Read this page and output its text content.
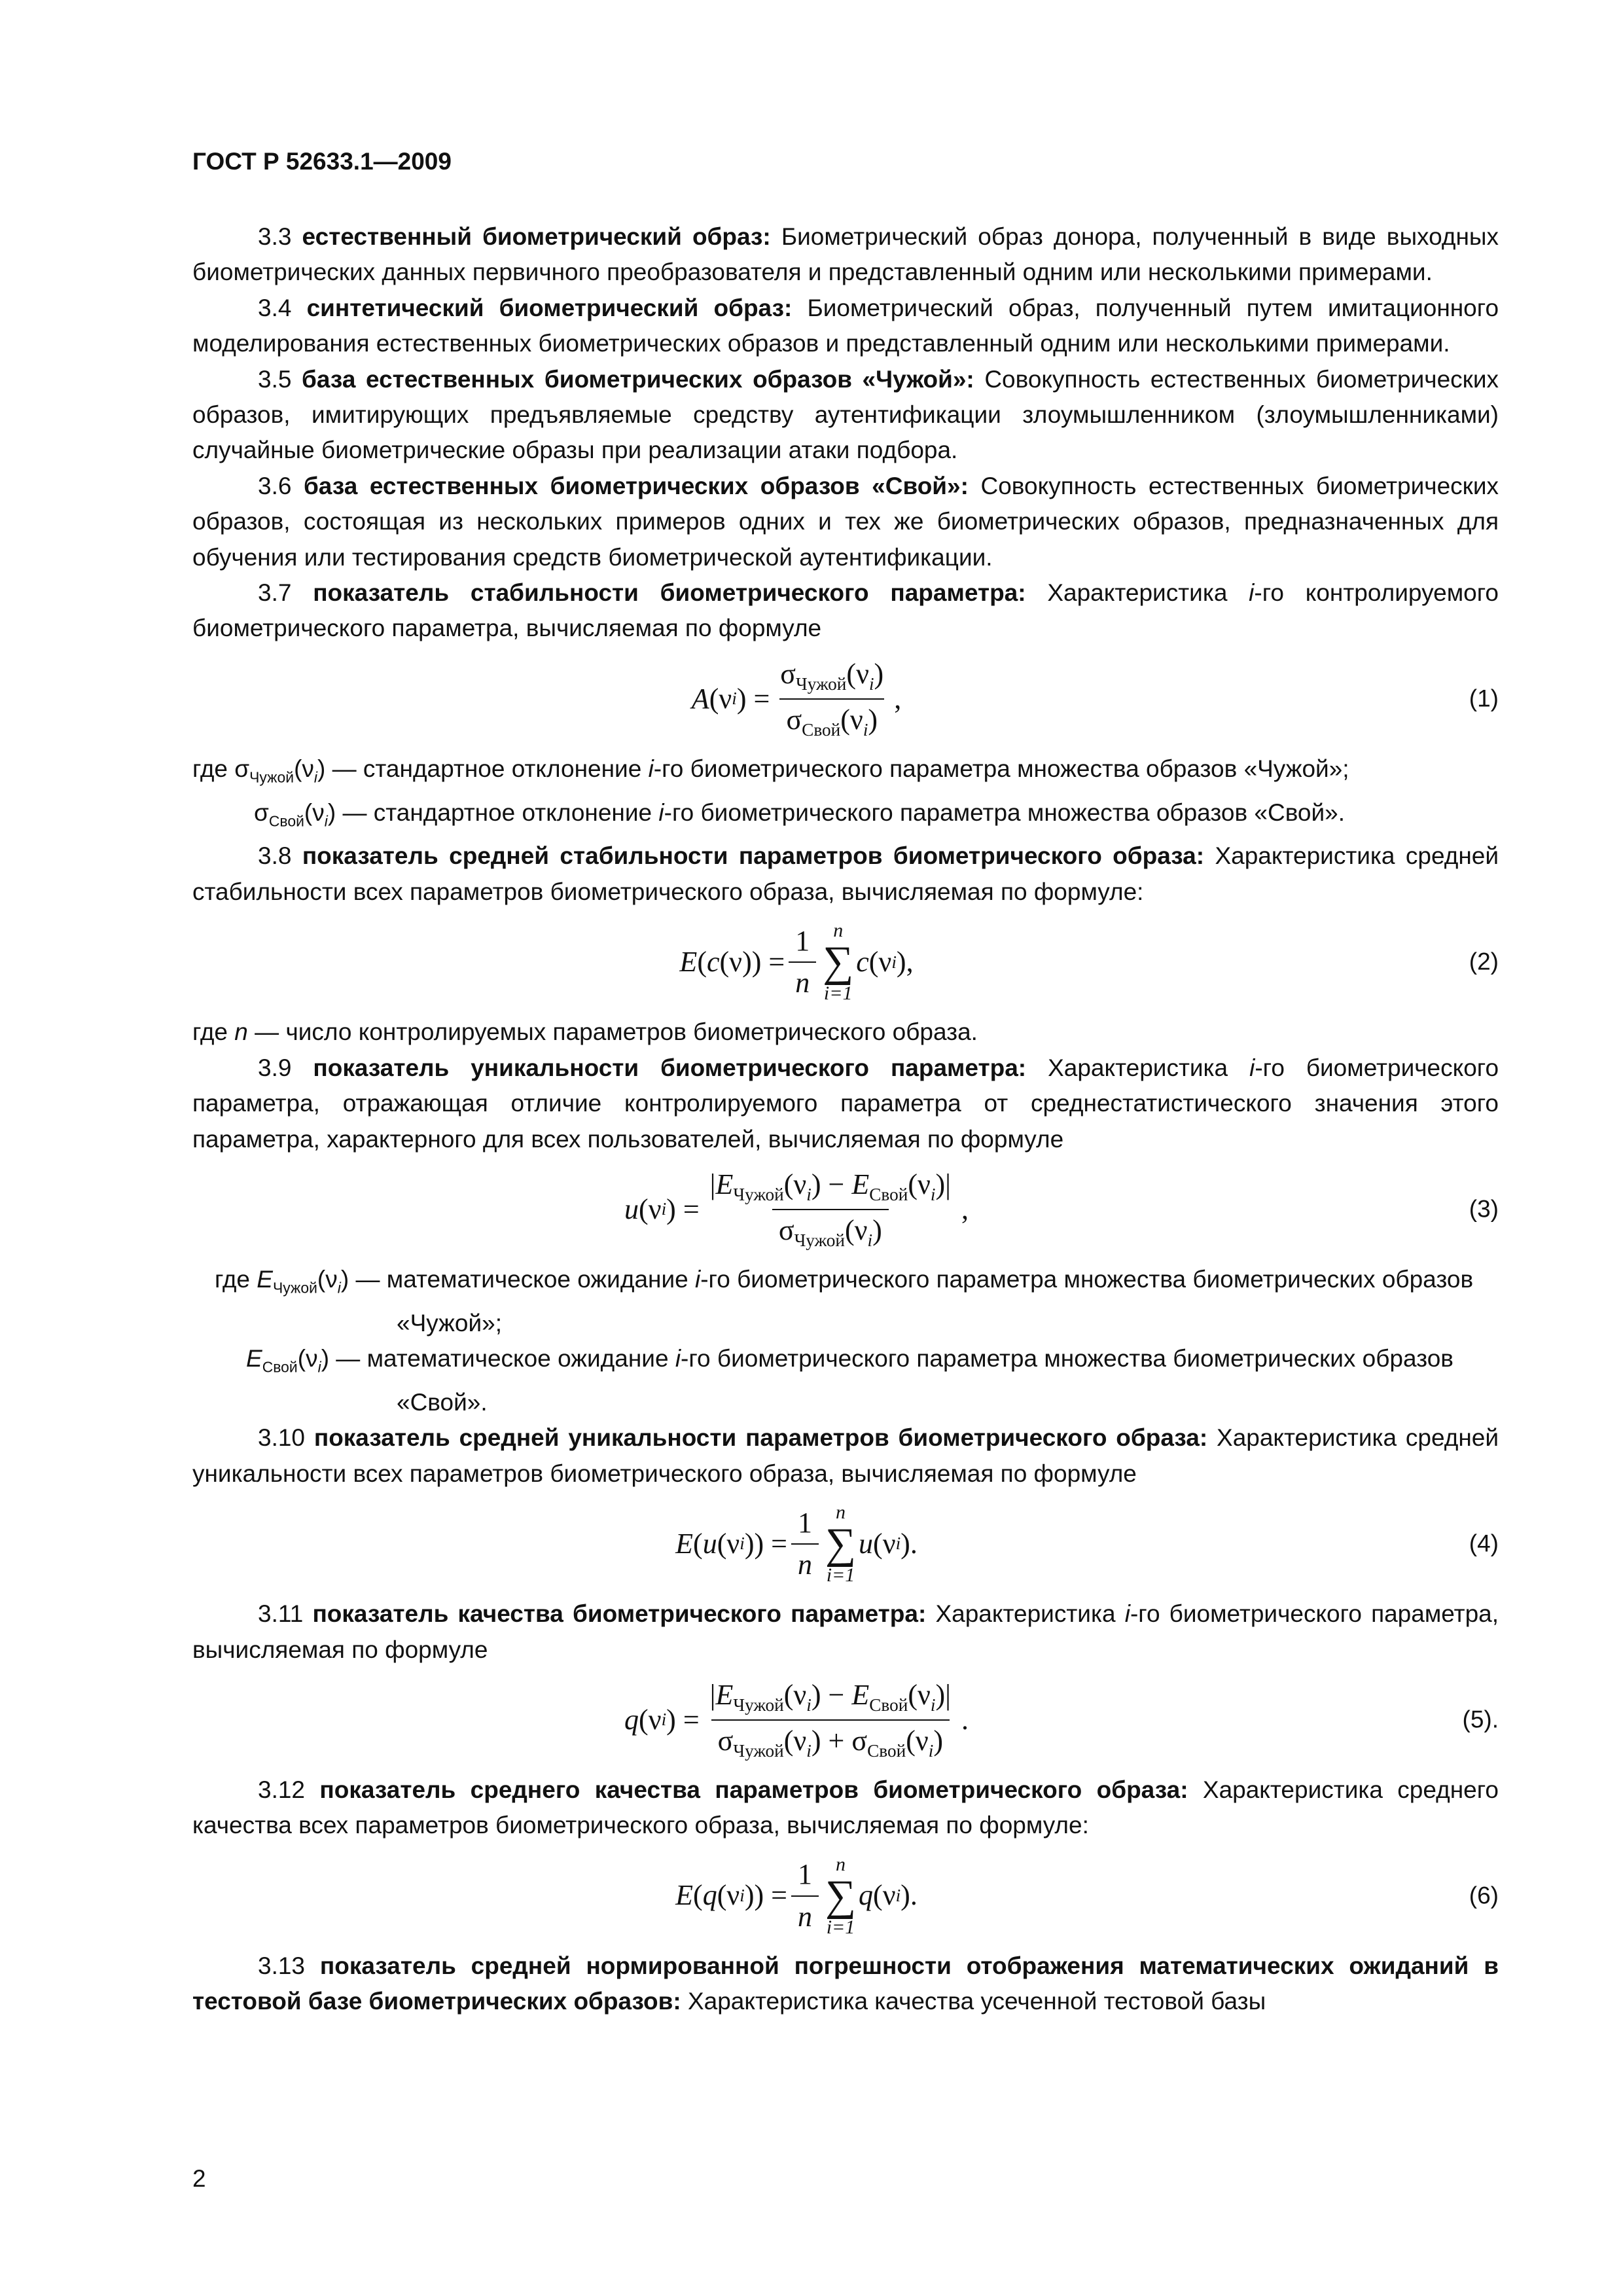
ГОСТ Р 52633.1—2009

3.3 естественный биометрический образ: Биометрический образ донора, полученный в виде выходных биометрических данных первичного преобразователя и представленный одним или несколькими примерами.

3.4 синтетический биометрический образ: Биометрический образ, полученный путем имитационного моделирования естественных биометрических образов и представленный одним или несколькими примерами.

3.5 база естественных биометрических образов «Чужой»: Совокупность естественных биометрических образов, имитирующих предъявляемые средству аутентификации злоумышленником (злоумышленниками) случайные биометрические образы при реализации атаки подбора.

3.6 база естественных биометрических образов «Свой»: Совокупность естественных биометрических образов, состоящая из нескольких примеров одних и тех же биометрических образов, предназначенных для обучения или тестирования средств биометрической аутентификации.

3.7 показатель стабильности биометрического параметра: Характеристика i-го контролируемого биометрического параметра, вычисляемая по формуле

A ( ν i ) = $\frac{\sigma_{Чужой}(\nu_i)}{\sigma_{Свой}(\nu_i)}$ ,	(1)

где $\sigma_{Чужой}(\nu_i)$ — стандартное отклонение i-го биометрического параметра множества образов «Чужой»;

$\sigma_{Свой}(\nu_i)$ — стандартное отклонение i-го биометрического параметра множества образов «Свой».

3.8 показатель средней стабильности параметров биометрического образа: Характеристика средней стабильности всех параметров биометрического образа, вычисляемая по формуле:

E ( c ( ν )) = $\frac{1}{n}$ n
∑
i=1
c ( ν i ) ,	(2)

где n — число контролируемых параметров биометрического образа.

3.9 показатель уникальности биометрического параметра: Характеристика i-го биометрического параметра, отражающая отличие контролируемого параметра от среднестатистического значения этого параметра, характерного для всех пользователей, вычисляемая по формуле

u ( ν i ) = $\frac{|E_{Чужой}(\nu_i) - E_{Свой}(\nu_i)|}{\sigma_{Чужой}(\nu_i)}$ ,	(3)

где $E_{Чужой}(\nu_i)$ — математическое ожидание i-го биометрического параметра множества биометрических образов «Чужой»;

$E_{Свой}(\nu_i)$ — математическое ожидание i-го биометрического параметра множества биометрических образов «Свой».

3.10 показатель средней уникальности параметров биометрического образа: Характеристика средней уникальности всех параметров биометрического образа, вычисляемая по формуле

E ( u ( ν i )) = $\frac{1}{n}$ n
∑
i=1
u ( ν i ) .	(4)

3.11 показатель качества биометрического параметра: Характеристика i-го биометрического параметра, вычисляемая по формуле

q ( ν i ) = $\frac{|E_{Чужой}(\nu_i) - E_{Свой}(\nu_i)|}{\sigma_{Чужой}(\nu_i) + \sigma_{Свой}(\nu_i)}$ .	(5).

3.12 показатель среднего качества параметров биометрического образа: Характеристика среднего качества всех параметров биометрического образа, вычисляемая по формуле:

E ( q ( ν i )) = $\frac{1}{n}$ n
∑
i=1
q ( ν i ) .	(6)

3.13 показатель средней нормированной погрешности отображения математических ожиданий в тестовой базе биометрических образов: Характеристика качества усеченной тестовой базы

2
